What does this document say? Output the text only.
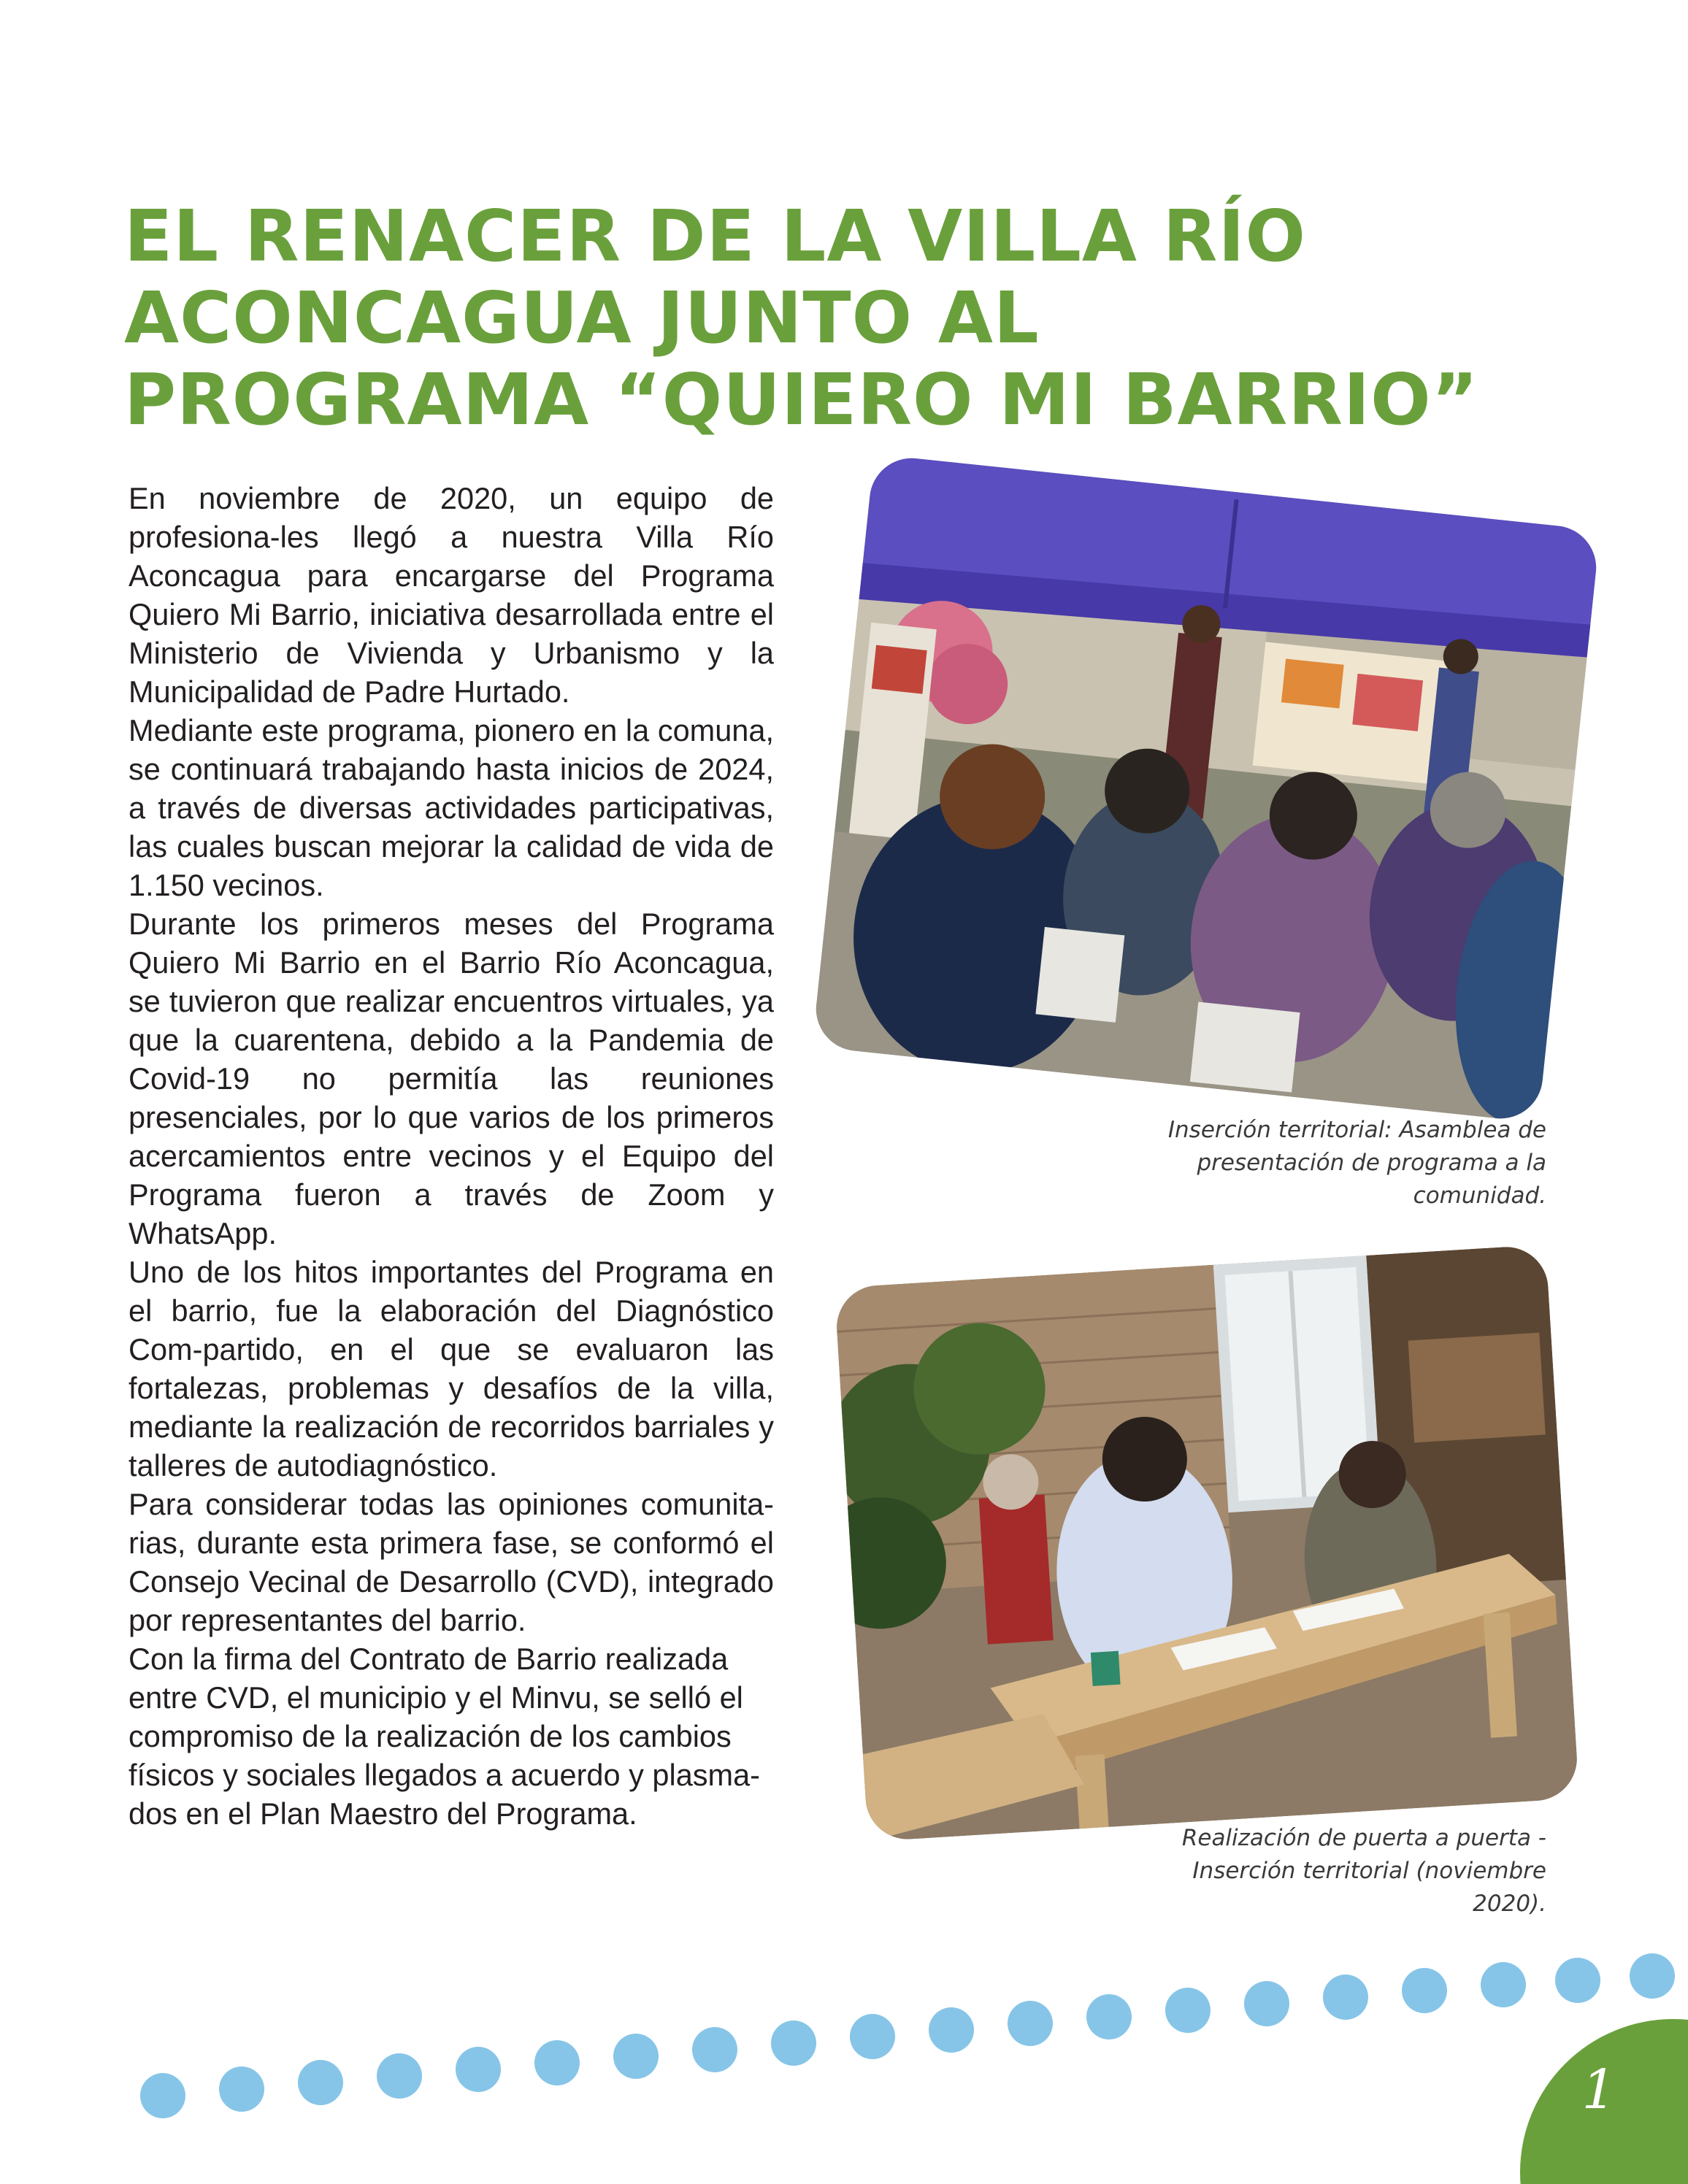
EL RENACER DE LA VILLA RÍO
ACONCAGUA JUNTO AL
PROGRAMA “QUIERO MI BARRIO”

En noviembre de 2020, un equipo de profesiona-les llegó a nuestra Villa Río Aconcagua para encargarse del Programa Quiero Mi Barrio, iniciativa desarrollada entre el Ministerio de Vivienda y Urbanismo y la Municipalidad de Padre Hurtado.

Mediante este programa, pionero en la comuna, se continuará trabajando hasta inicios de 2024, a través de diversas actividades participativas, las cuales buscan mejorar la calidad de vida de 1.150 vecinos.

Durante los primeros meses del Programa Quiero Mi Barrio en el Barrio Río Aconcagua, se tuvieron que realizar encuentros virtuales, ya que la cuarentena, debido a la Pandemia de Covid-19 no permitía las reuniones presenciales, por lo que varios de los primeros acercamientos entre vecinos y el Equipo del Programa fueron a través de Zoom y WhatsApp.

Uno de los hitos importantes del Programa en el barrio, fue la elaboración del Diagnóstico Com-partido, en el que se evaluaron las fortalezas, problemas y desafíos de la villa, mediante la realización de recorridos barriales y talleres de autodiagnóstico.

Para considerar todas las opiniones comunita-rias, durante esta primera fase, se conformó el Consejo Vecinal de Desarrollo (CVD), integrado por representantes del barrio.

Con la firma del Contrato de Barrio realizada entre CVD, el municipio y el Minvu, se selló el compromiso de la realización de los cambios físicos y sociales llegados a acuerdo y plasma-dos en el Plan Maestro del Programa.

Inserción territorial: Asamblea de
presentación de programa a la
comunidad.
Realización de puerta a puerta -
Inserción territorial (noviembre
2020).
1
